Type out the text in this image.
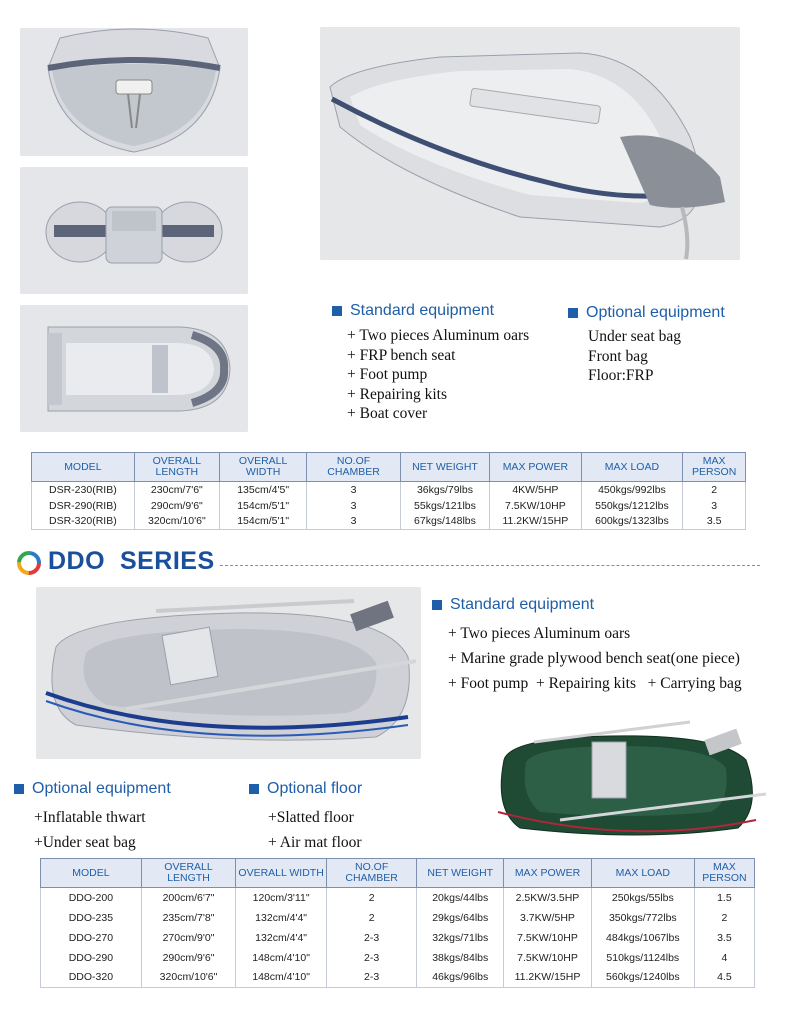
Standard equipment
+ Two pieces Aluminum oars
+ FRP bench seat
+ Foot pump
+ Repairing kits
+ Boat cover
Optional equipment
Under seat bag
Front bag
Floor:FRP
MODEL	OVERALL LENGTH	OVERALL WIDTH	NO.OF CHAMBER	NET WEIGHT	MAX POWER	MAX LOAD	MAX PERSON
DSR-230(RIB)	230cm/7'6"	135cm/4'5"	3	36kgs/79lbs	4KW/5HP	450kgs/992lbs	2
DSR-290(RIB)	290cm/9'6"	154cm/5'1"	3	55kgs/121lbs	7.5KW/10HP	550kgs/1212lbs	3
DSR-320(RIB)	320cm/10'6"	154cm/5'1"	3	67kgs/148lbs	11.2KW/15HP	600kgs/1323lbs	3.5
DDO  SERIES
Standard equipment
+ Two pieces Aluminum oars
+ Marine grade plywood bench seat(one piece)
+ Foot pump  + Repairing kits   + Carrying bag
Optional equipment
+Inflatable thwart
+Under seat bag
Optional floor
+Slatted floor
+ Air mat floor
MODEL	OVERALL LENGTH	OVERALL WIDTH	NO.OF CHAMBER	NET WEIGHT	MAX POWER	MAX LOAD	MAX PERSON
DDO-200	200cm/6'7"	120cm/3'11"	2	20kgs/44lbs	2.5KW/3.5HP	250kgs/55lbs	1.5
DDO-235	235cm/7'8"	132cm/4'4"	2	29kgs/64lbs	3.7KW/5HP	350kgs/772lbs	2
DDO-270	270cm/9'0"	132cm/4'4"	2-3	32kgs/71lbs	7.5KW/10HP	484kgs/1067lbs	3.5
DDO-290	290cm/9'6"	148cm/4'10"	2-3	38kgs/84lbs	7.5KW/10HP	510kgs/1124lbs	4
DDO-320	320cm/10'6"	148cm/4'10"	2-3	46kgs/96lbs	11.2KW/15HP	560kgs/1240lbs	4.5
